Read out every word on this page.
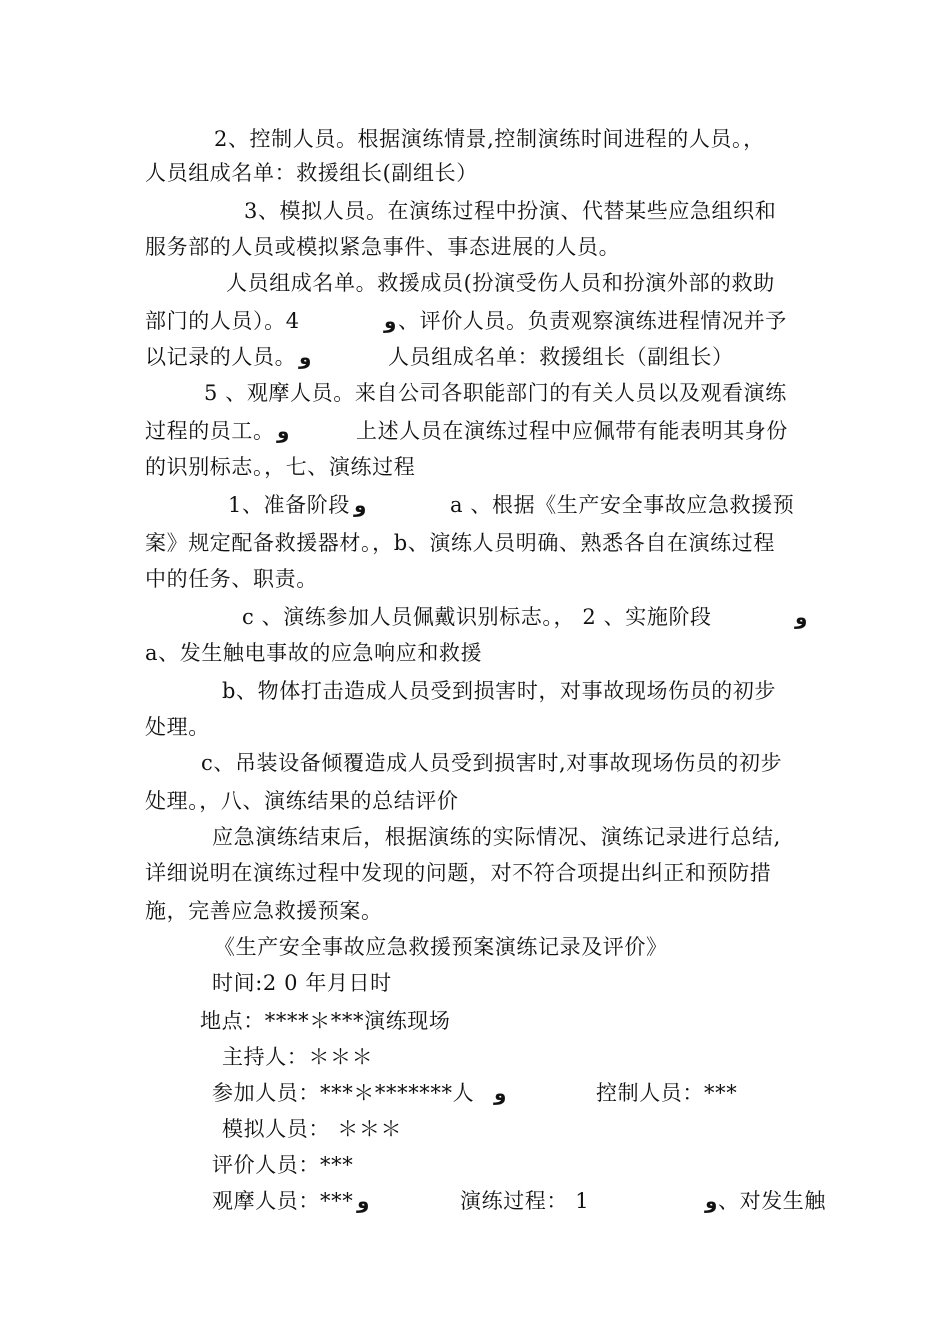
2、控制人员。根据演练情景,控制演练时间进程的人员。，
人员组成名单：救援组长(副组长）
3、模拟人员。在演练过程中扮演、代替某些应急组织和
服务部的人员或模拟紧急事件、事态进展的人员。
人员组成名单。救援成员(扮演受伤人员和扮演外部的救助
部门的人员）。4	ﻭ 、评价人员。负责观察演练进程情况并予
以记录的人员。 ﻭ	人员组成名单：救援组长（副组长）
5 、观摩人员。来自公司各职能部门的有关人员以及观看演练
过程的员工。 ﻭ	上述人员在演练过程中应佩带有能表明其身份
的识别标志。，七、演练过程
1、准备阶段 ﻭ	a 、根据《生产安全事故应急救援预
案》规定配备救援器材。，b、演练人员明确、熟悉各自在演练过程
中的任务、职责。
c 、演练参加人员佩戴识别标志。， 2 、实施阶段	ﻭ
a、发生触电事故的应急响应和救援
b、物体打击造成人员受到损害时，对事故现场伤员的初步
处理。
c、吊装设备倾覆造成人员受到损害时,对事故现场伤员的初步
处理。，八、演练结果的总结评价
应急演练结束后，根据演练的实际情况、演练记录进行总结,
详细说明在演练过程中发现的问题，对不符合项提出纠正和预防措
施，完善应急救援预案。
《生产安全事故应急救援预案演练记录及评价》
时间:2 0 年月日时
地点：****＊***演练现场
主持人：＊＊＊
参加人员：***＊*******人 ﻭ	控制人员：***
模拟人员： ＊＊＊
评价人员：***
观摩人员：*** ﻭ	演练过程： 1	ﻭ 、对发生触
